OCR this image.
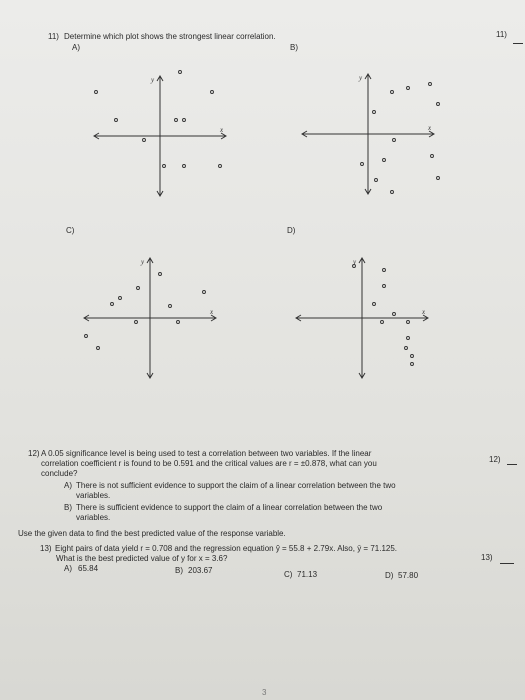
11) Determine which plot shows the strongest linear correlation.	11)
A)	B)
C)	D)
x
y
x
y
x
y
x
y
12) A 0.05 significance level is being used to test a correlation between two variables. If the linear
correlation coefficient r is found to be 0.591 and the critical values are r = ±0.878, what can you
conclude?
12)
A) There is not sufficient evidence to support the claim of a linear correlation between the two
variables.
B) There is sufficient evidence to support the claim of a linear correlation between the two
variables.
Use the given data to find the best predicted value of the response variable.
13) Eight pairs of data yield r = 0.708 and the regression equation ŷ = 55.8 + 2.79x. Also, ȳ = 71.125.
What is the best predicted value of y for x = 3.6?	13)
A) 65.84	B) 203.67	C) 71.13	D) 57.80
3
